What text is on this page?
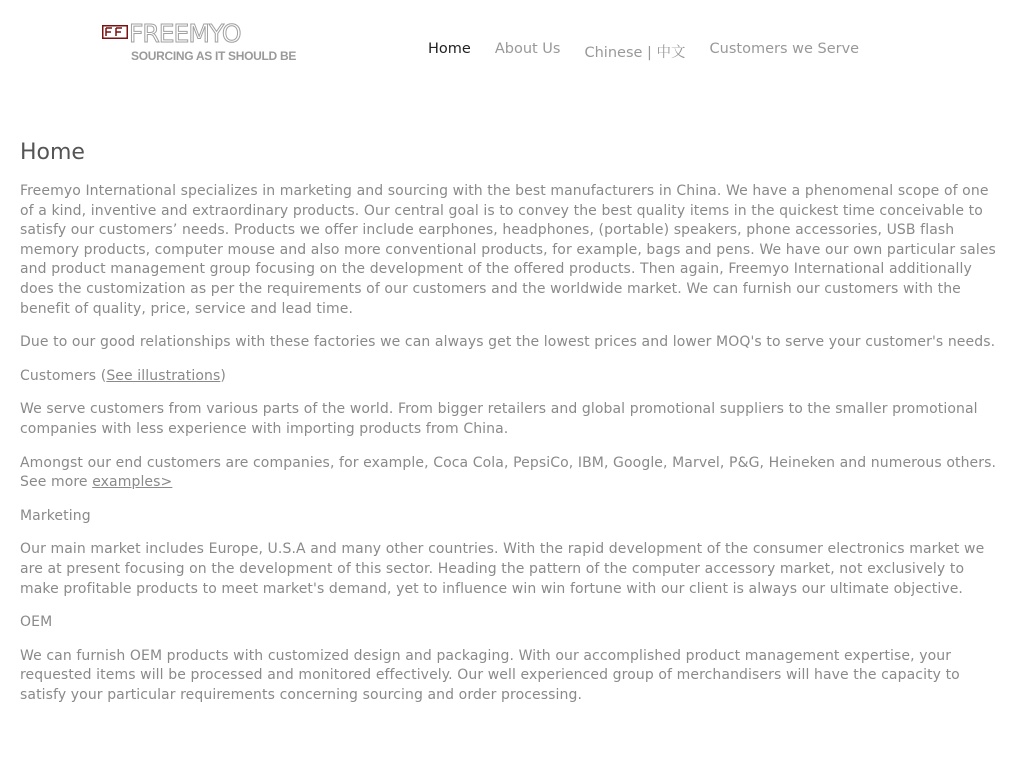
FREEMYO
SOURCING AS IT SHOULD BE	Home About Us Chinese | 中文 Customers we Serve
Home

Freemyo International specializes in marketing and sourcing with the best manufacturers in China. We have a phenomenal scope of one of a kind, inventive and extraordinary products. Our central goal is to convey the best quality items in the quickest time conceivable to satisfy our customers’ needs. Products we offer include earphones, headphones, (portable) speakers, phone accessories, USB flash memory products, computer mouse and also more conventional products, for example, bags and pens. We have our own particular sales and product management group focusing on the development of the offered products. Then again, Freemyo International additionally does the customization as per the requirements of our customers and the worldwide market. We can furnish our customers with the benefit of quality, price, service and lead time.

Due to our good relationships with these factories we can always get the lowest prices and lower MOQ's to serve your customer's needs.

Customers (See illustrations)

We serve customers from various parts of the world. From bigger retailers and global promotional suppliers to the smaller promotional companies with less experience with importing products from China.

Amongst our end customers are companies, for example, Coca Cola, PepsiCo, IBM, Google, Marvel, P&G, Heineken and numerous others. See more examples>

Marketing

Our main market includes Europe, U.S.A and many other countries. With the rapid development of the consumer electronics market we are at present focusing on the development of this sector. Heading the pattern of the computer accessory market, not exclusively to make profitable products to meet market's demand, yet to influence win win fortune with our client is always our ultimate objective.

OEM

We can furnish OEM products with customized design and packaging. With our accomplished product management expertise, your requested items will be processed and monitored effectively. Our well experienced group of merchandisers will have the capacity to satisfy your particular requirements concerning sourcing and order processing.
